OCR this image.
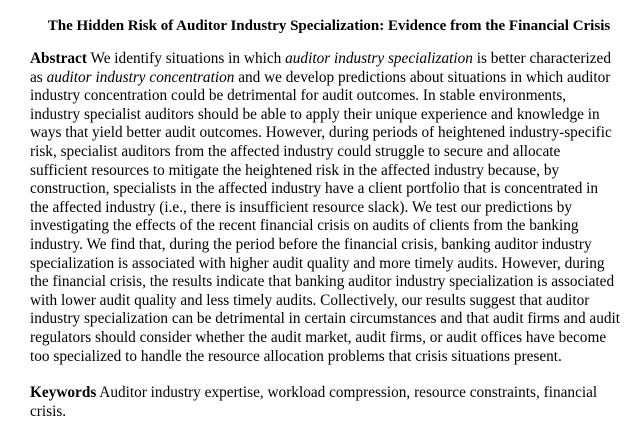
The Hidden Risk of Auditor Industry Specialization: Evidence from the Financial Crisis

Abstract We identify situations in which auditor industry specialization is better characterized as auditor industry concentration and we develop predictions about situations in which auditor industry concentration could be detrimental for audit outcomes. In stable environments, industry specialist auditors should be able to apply their unique experience and knowledge in ways that yield better audit outcomes. However, during periods of heightened industry-specific risk, specialist auditors from the affected industry could struggle to secure and allocate sufficient resources to mitigate the heightened risk in the affected industry because, by construction, specialists in the affected industry have a client portfolio that is concentrated in the affected industry (i.e., there is insufficient resource slack). We test our predictions by investigating the effects of the recent financial crisis on audits of clients from the banking industry. We find that, during the period before the financial crisis, banking auditor industry specialization is associated with higher audit quality and more timely audits. However, during the financial crisis, the results indicate that banking auditor industry specialization is associated with lower audit quality and less timely audits. Collectively, our results suggest that auditor industry specialization can be detrimental in certain circumstances and that audit firms and audit regulators should consider whether the audit market, audit firms, or audit offices have become too specialized to handle the resource allocation problems that crisis situations present.

Keywords Auditor industry expertise, workload compression, resource constraints, financial crisis.
